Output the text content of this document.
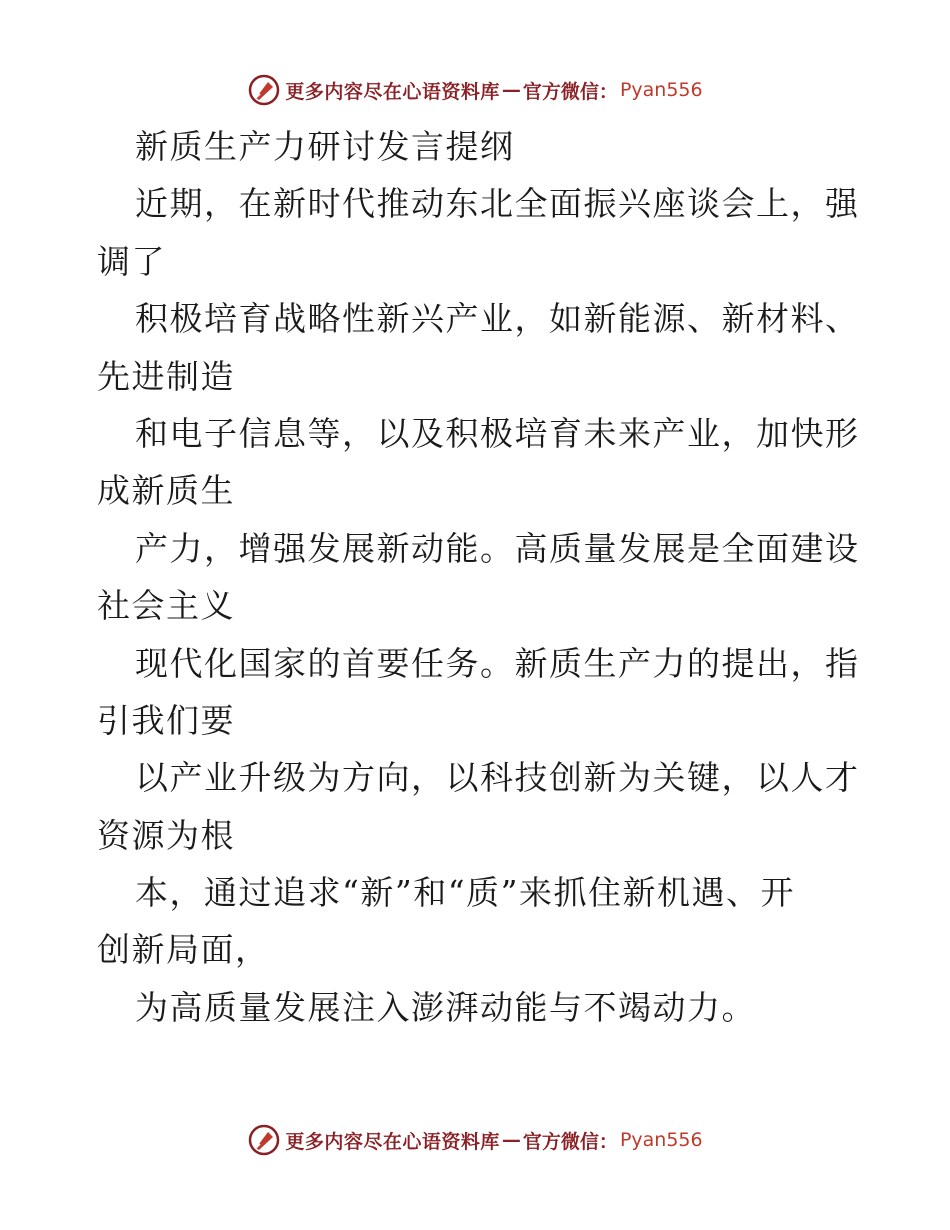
更多内容尽在心语资料库 — 官方微信： Pyan556
新质生产力研讨发言提纲
近期，在新时代推动东北全面振兴座谈会上，强
调了
积极培育战略性新兴产业，如新能源、新材料、
先进制造
和电子信息等，以及积极培育未来产业，加快形
成新质生
产力，增强发展新动能。高质量发展是全面建设
社会主义
现代化国家的首要任务。新质生产力的提出，指
引我们要
以产业升级为方向，以科技创新为关键，以人才
资源为根
本，通过追求“新”和“质”来抓住新机遇、开
创新局面，
为高质量发展注入澎湃动能与不竭动力。
更多内容尽在心语资料库 — 官方微信： Pyan556
